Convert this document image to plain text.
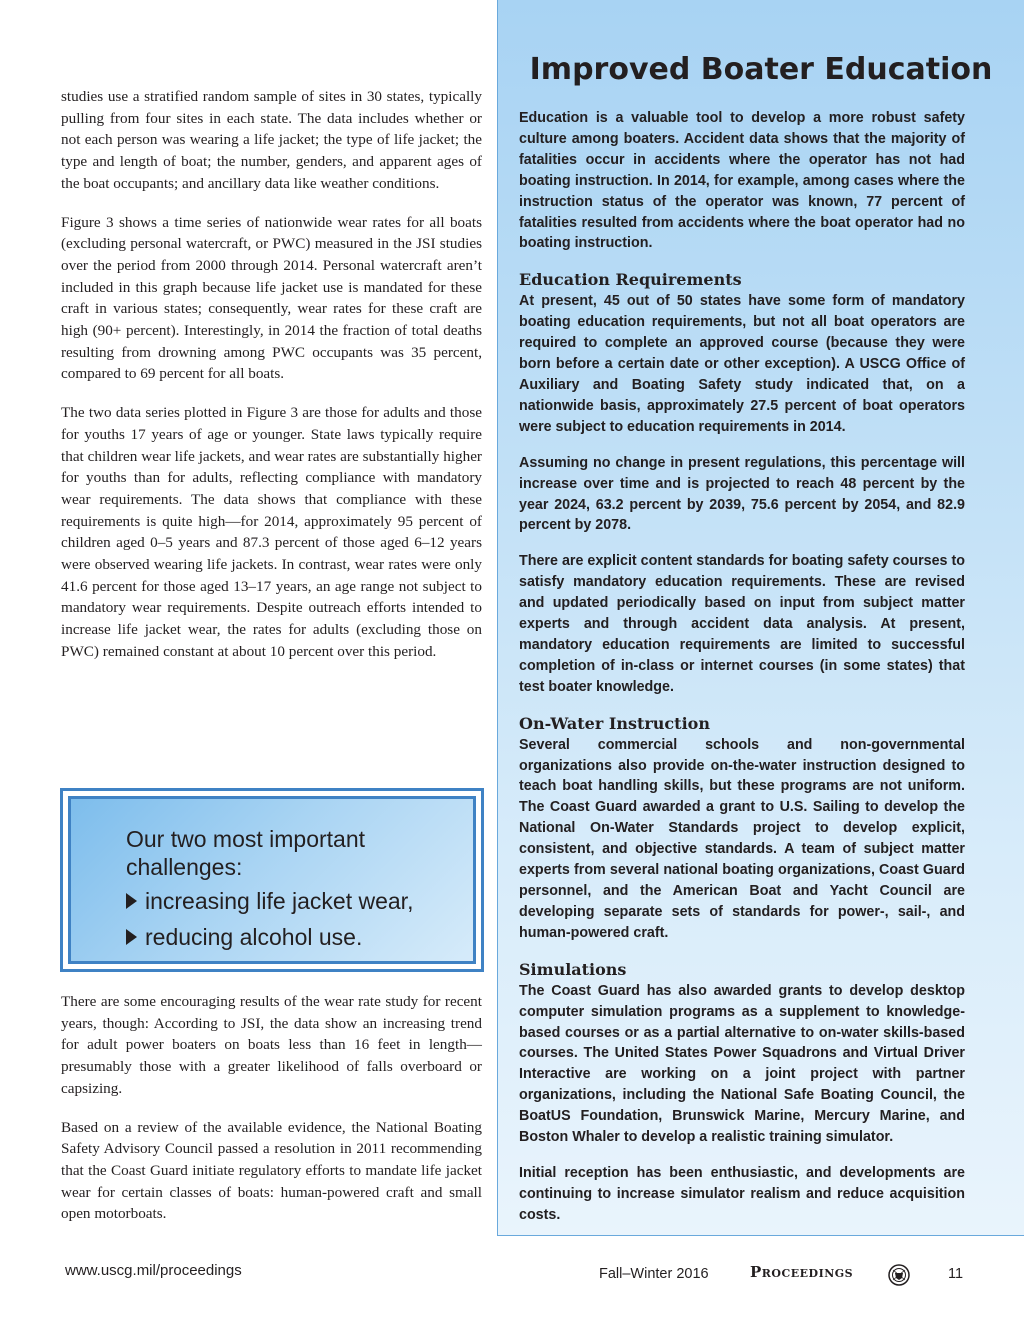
studies use a stratified random sample of sites in 30 states, typically pulling from four sites in each state. The data includes whether or not each person was wearing a life jacket; the type of life jacket; the type and length of boat; the number, genders, and apparent ages of the boat occupants; and ancillary data like weather conditions.

Figure 3 shows a time series of nationwide wear rates for all boats (excluding personal watercraft, or PWC) measured in the JSI studies over the period from 2000 through 2014. Personal watercraft aren’t included in this graph because life jacket use is mandated for these craft in various states; consequently, wear rates for these craft are high (90+ percent). Interestingly, in 2014 the fraction of total deaths resulting from drowning among PWC occupants was 35 percent, compared to 69 percent for all boats.

The two data series plotted in Figure 3 are those for adults and those for youths 17 years of age or younger. State laws typically require that children wear life jackets, and wear rates are substantially higher for youths than for adults, reflecting compliance with mandatory wear requirements. The data shows that compliance with these requirements is quite high—for 2014, approximately 95 percent of children aged 0–5 years and 87.3 percent of those aged 6–12 years were observed wearing life jackets. In contrast, wear rates were only 41.6 percent for those aged 13–17 years, an age range not subject to mandatory wear requirements. Despite outreach efforts intended to increase life jacket wear, the rates for adults (excluding those on PWC) remained constant at about 10 percent over this period.

Our two most important challenges:
increasing life jacket wear,
reducing alcohol use.

There are some encouraging results of the wear rate study for recent years, though: According to JSI, the data show an increasing trend for adult power boaters on boats less than 16 feet in length—presumably those with a greater likelihood of falls overboard or capsizing.

Based on a review of the available evidence, the National Boating Safety Advisory Council passed a resolution in 2011 recommending that the Coast Guard initiate regulatory efforts to mandate life jacket wear for certain classes of boats: human-powered craft and small open motorboats.

Improved Boater Education

Education is a valuable tool to develop a more robust safety culture among boaters. Accident data shows that the majority of fatalities occur in accidents where the operator has not had boating instruction. In 2014, for example, among cases where the instruction status of the operator was known, 77 percent of fatalities resulted from accidents where the boat operator had no boating instruction.

Education Requirements

At present, 45 out of 50 states have some form of mandatory boating education requirements, but not all boat operators are required to complete an approved course (because they were born before a certain date or other exception). A USCG Office of Auxiliary and Boating Safety study indicated that, on a nationwide basis, approximately 27.5 percent of boat operators were subject to education requirements in 2014.

Assuming no change in present regulations, this percentage will increase over time and is projected to reach 48 percent by the year 2024, 63.2 percent by 2039, 75.6 percent by 2054, and 82.9 percent by 2078.

There are explicit content standards for boating safety courses to satisfy mandatory education requirements. These are revised and updated periodically based on input from subject matter experts and through accident data analysis. At present, mandatory education requirements are limited to successful completion of in-class or internet courses (in some states) that test boater knowledge.

On-Water Instruction

Several commercial schools and non-governmental organizations also provide on-the-water instruction designed to teach boat handling skills, but these programs are not uniform. The Coast Guard awarded a grant to U.S. Sailing to develop the National On-Water Standards project to develop explicit, consistent, and objective standards. A team of subject matter experts from several national boating organizations, Coast Guard personnel, and the American Boat and Yacht Council are developing separate sets of standards for power-, sail-, and human-powered craft.

Simulations

The Coast Guard has also awarded grants to develop desktop computer simulation programs as a supplement to knowledge-based courses or as a partial alternative to on-water skills-based courses. The United States Power Squadrons and Virtual Driver Interactive are working on a joint project with partner organizations, including the National Safe Boating Council, the BoatUS Foundation, Brunswick Marine, Mercury Marine, and Boston Whaler to develop a realistic training simulator.

Initial reception has been enthusiastic, and developments are continuing to increase simulator realism and reduce acquisition costs.

www.uscg.mil/proceedings	Fall–Winter 2016	Proceedings	11
